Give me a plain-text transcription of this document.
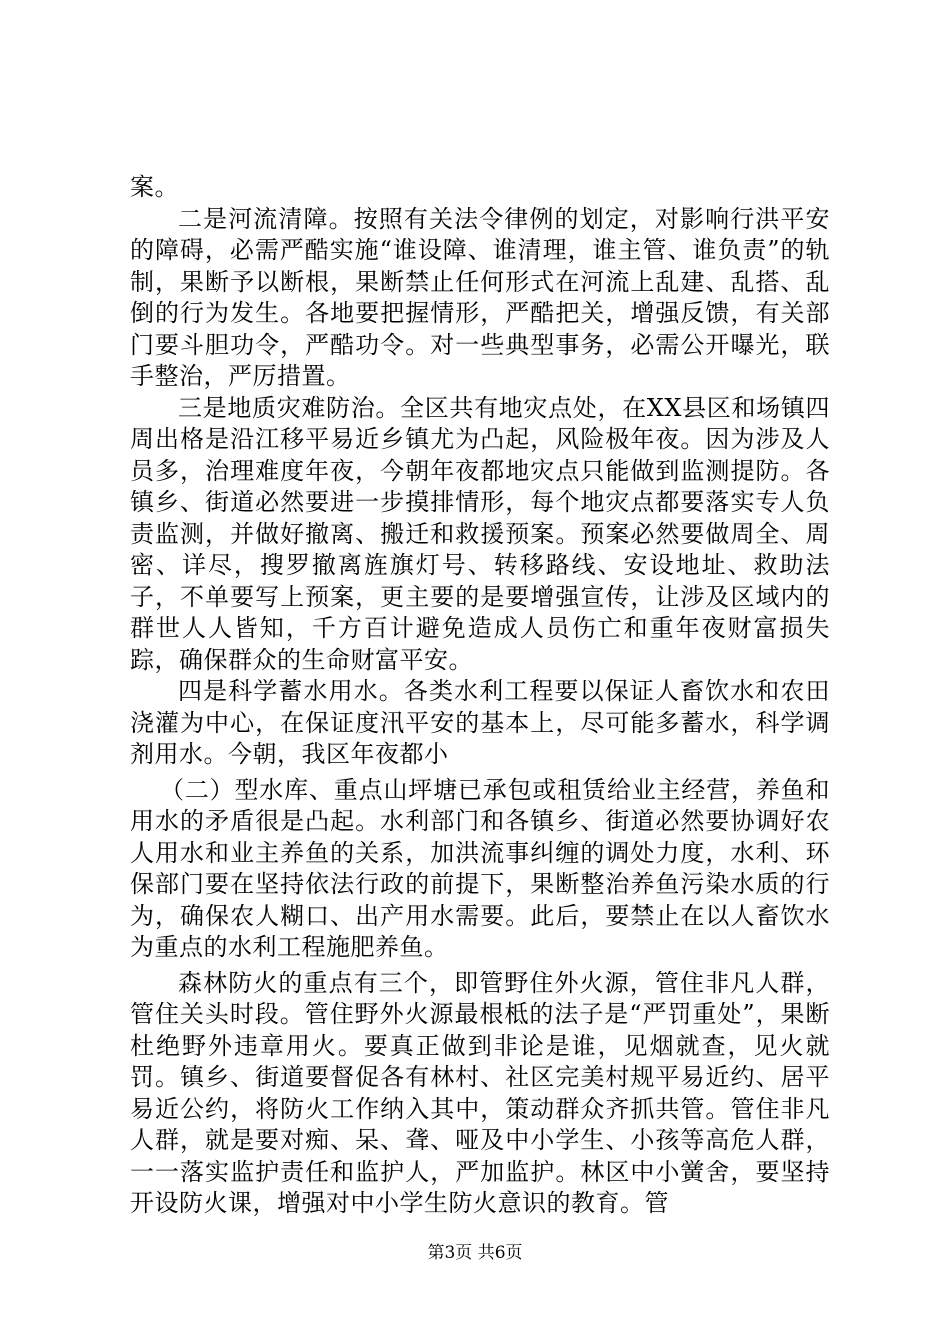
案。

二是河流清障。按照有关法令律例的划定，对影响行洪平安的障碍，必需严酷实施“谁设障、谁清理，谁主管、谁负责”的轨制，果断予以断根，果断禁止任何形式在河流上乱建、乱搭、乱倒的行为发生。各地要把握情形，严酷把关，增强反馈，有关部门要斗胆功令，严酷功令。对一些典型事务，必需公开曝光，联手整治，严厉措置。

三是地质灾难防治。全区共有地灾点处，在XX县区和场镇四周出格是沿江移平易近乡镇尤为凸起，风险极年夜。因为涉及人员多，治理难度年夜，今朝年夜都地灾点只能做到监测提防。各镇乡、街道必然要进一步摸排情形，每个地灾点都要落实专人负责监测，并做好撤离、搬迁和救援预案。预案必然要做周全、周密、详尽，搜罗撤离旌旗灯号、转移路线、安设地址、救助法子，不单要写上预案，更主要的是要增强宣传，让涉及区域内的群世人人皆知，千方百计避免造成人员伤亡和重年夜财富损失踪，确保群众的生命财富平安。

四是科学蓄水用水。各类水利工程要以保证人畜饮水和农田浇灌为中心，在保证度汛平安的基本上，尽可能多蓄水，科学调剂用水。今朝，我区年夜都小

（二）型水库、重点山坪塘已承包或租赁给业主经营，养鱼和用水的矛盾很是凸起。水利部门和各镇乡、街道必然要协调好农人用水和业主养鱼的关系，加洪流事纠缠的调处力度，水利、环保部门要在坚持依法行政的前提下，果断整治养鱼污染水质的行为，确保农人糊口、出产用水需要。此后，要禁止在以人畜饮水为重点的水利工程施肥养鱼。

森林防火的重点有三个，即管野住外火源，管住非凡人群，管住关头时段。管住野外火源最根柢的法子是“严罚重处”，果断杜绝野外违章用火。要真正做到非论是谁，见烟就查，见火就罚。镇乡、街道要督促各有林村、社区完美村规平易近约、居平易近公约，将防火工作纳入其中，策动群众齐抓共管。管住非凡人群，就是要对痴、呆、聋、哑及中小学生、小孩等高危人群，一一落实监护责任和监护人，严加监护。林区中小黉舍，要坚持开设防火课，增强对中小学生防火意识的教育。管

第3页 共6页
